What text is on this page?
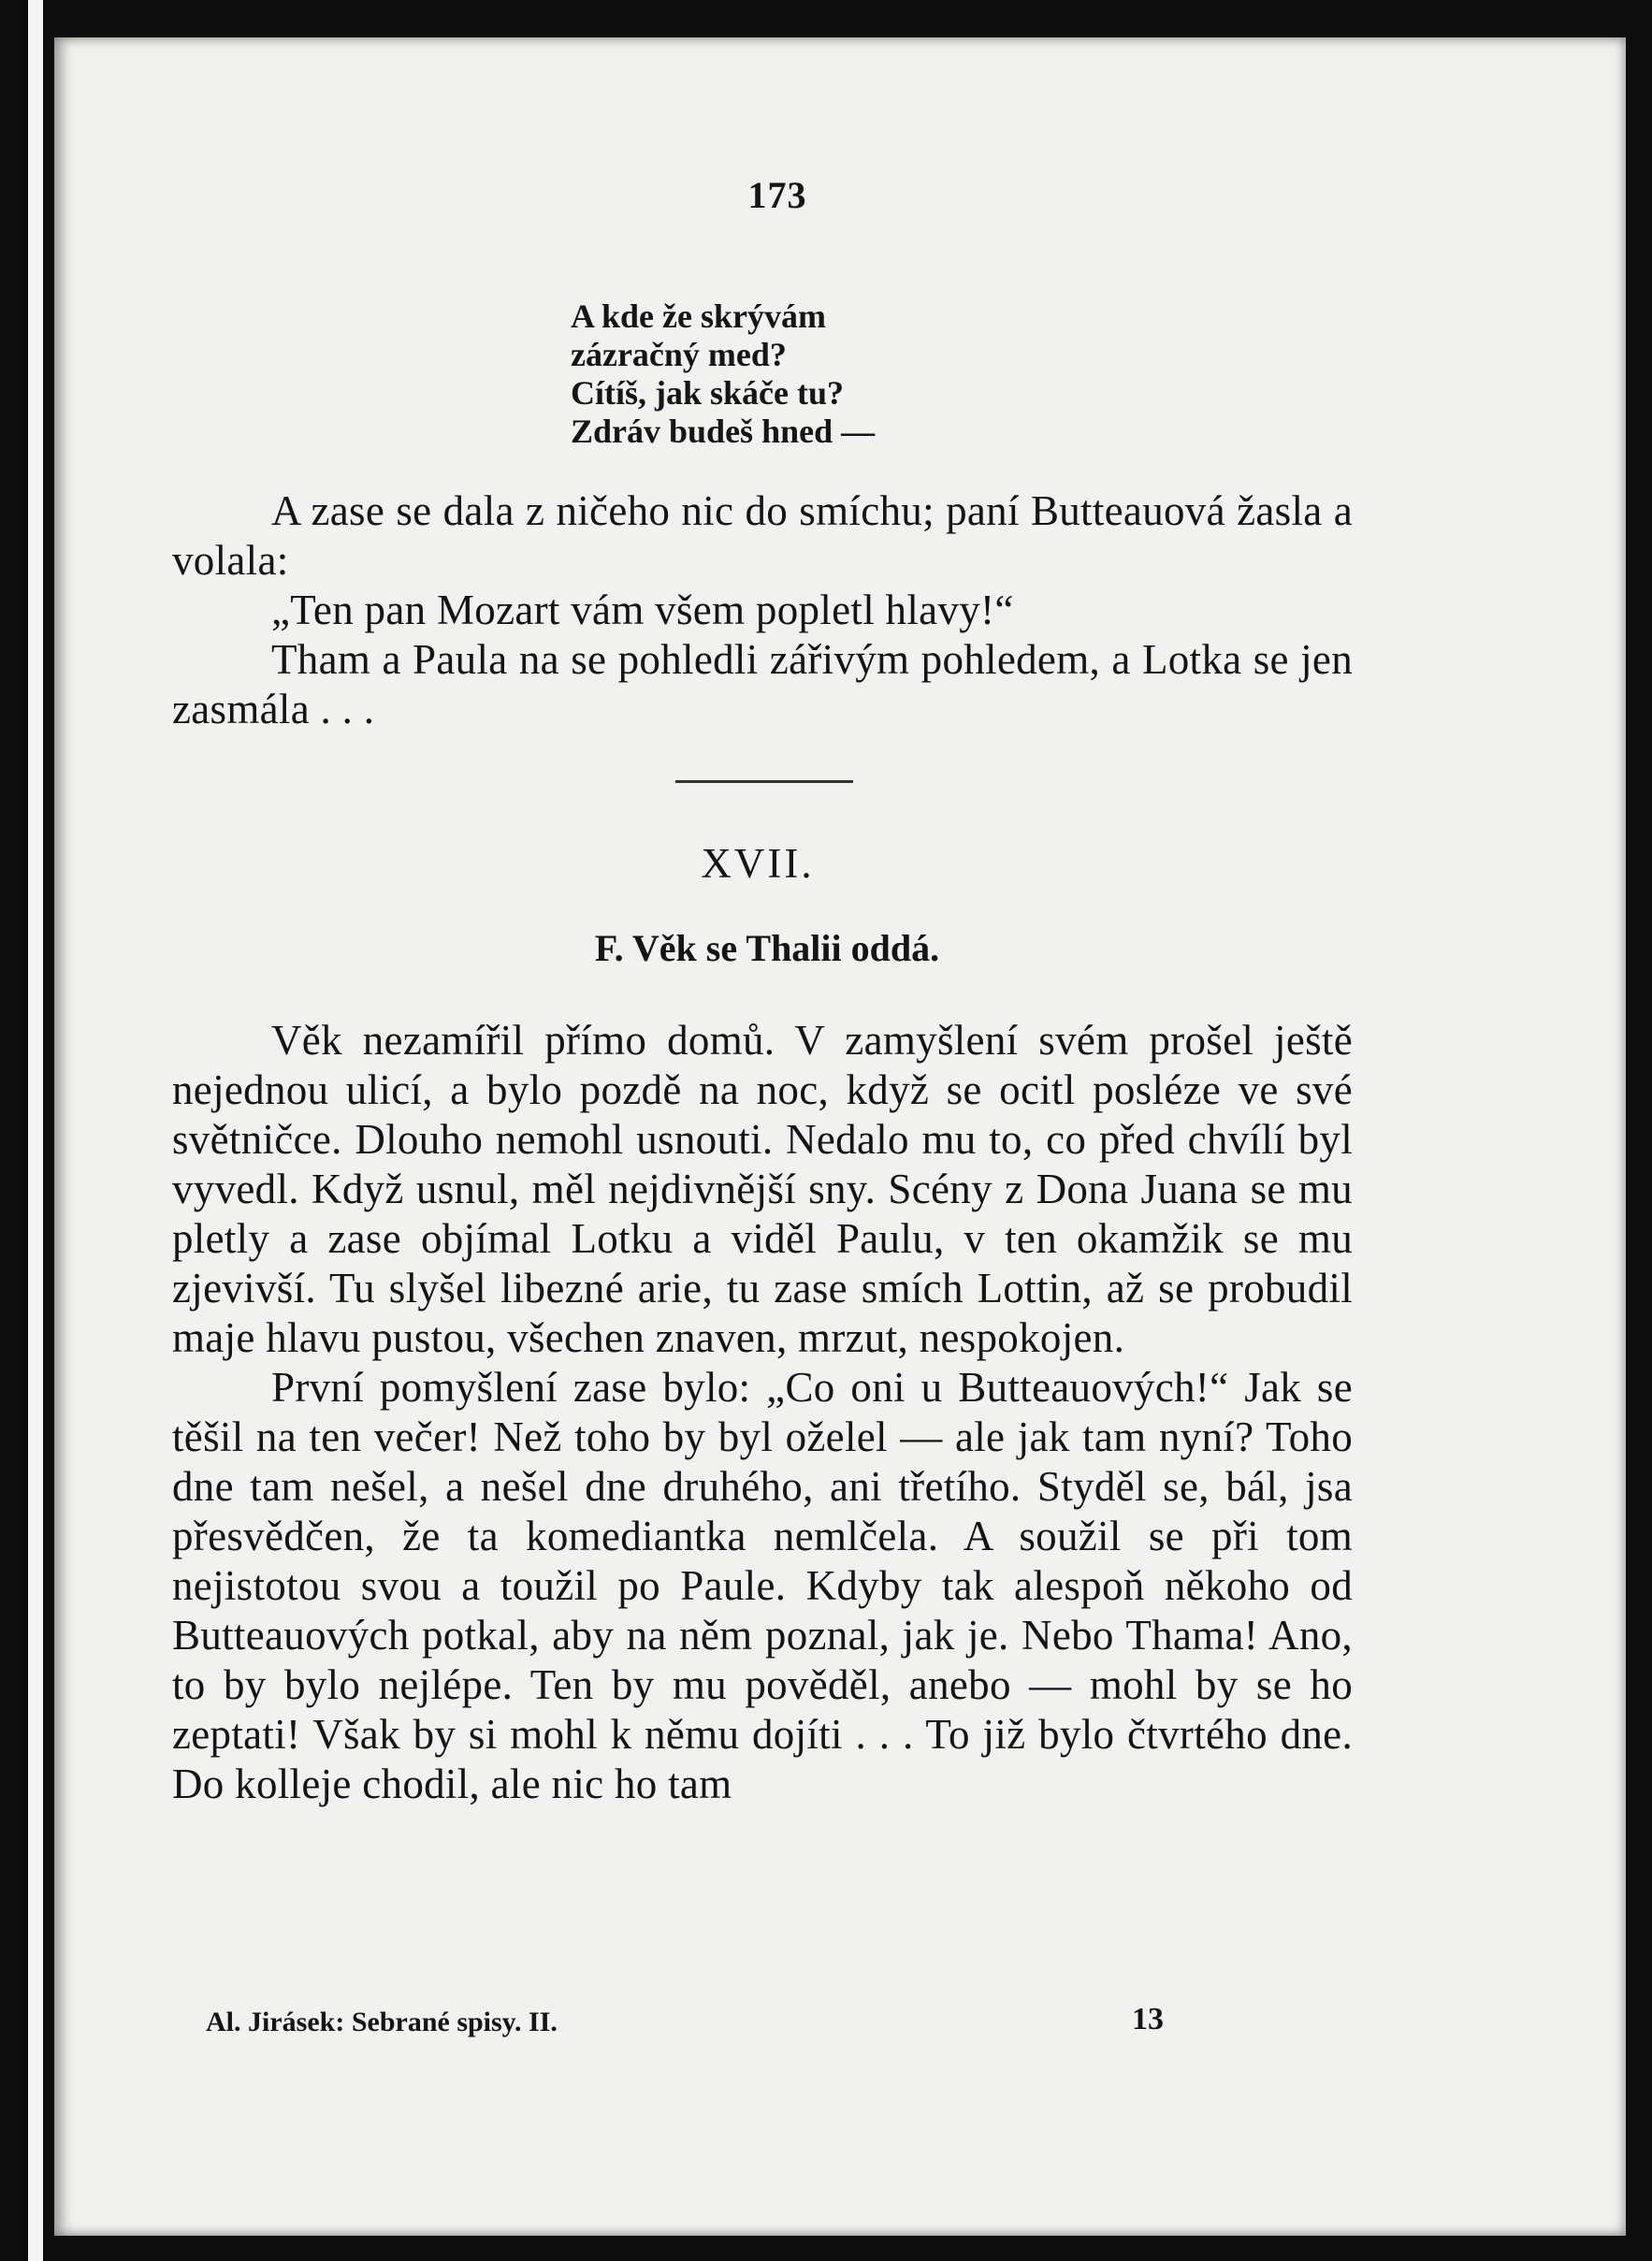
173
A kde že skrývám
zázračný med?
Cítíš, jak skáče tu?
Zdráv budeš hned —

A zase se dala z ničeho nic do smíchu; paní Butteauová žasla a volala:

„Ten pan Mozart vám všem popletl hlavy!“

Tham a Paula na se pohledli zářivým pohledem, a Lotka se jen zasmála . . .

XVII.
F. Věk se Thalii oddá.

Věk nezamířil přímo domů. V zamyšlení svém prošel ještě nejednou ulicí, a bylo pozdě na noc, když se ocitl posléze ve své světničce. Dlouho nemohl usnouti. Nedalo mu to, co před chvílí byl vyvedl. Když usnul, měl nejdivnější sny. Scény z Dona Juana se mu pletly a zase objímal Lotku a viděl Paulu, v ten okamžik se mu zjevivší. Tu slyšel libezné arie, tu zase smích Lottin, až se probudil maje hlavu pustou, všechen znaven, mrzut, nespokojen.

První pomyšlení zase bylo: „Co oni u Butteauových!“ Jak se těšil na ten večer! Než toho by byl oželel — ale jak tam nyní? Toho dne tam nešel, a nešel dne druhého, ani třetího. Styděl se, bál, jsa přesvědčen, že ta komediantka nemlčela. A soužil se při tom nejistotou svou a toužil po Paule. Kdyby tak alespoň někoho od Butteauových potkal, aby na něm poznal, jak je. Nebo Thama! Ano, to by bylo nejlépe. Ten by mu pověděl, anebo — mohl by se ho zeptati! Však by si mohl k němu dojíti . . . To již bylo čtvrtého dne. Do kolleje chodil, ale nic ho tam

Al. Jirásek: Sebrané spisy. II.	13
